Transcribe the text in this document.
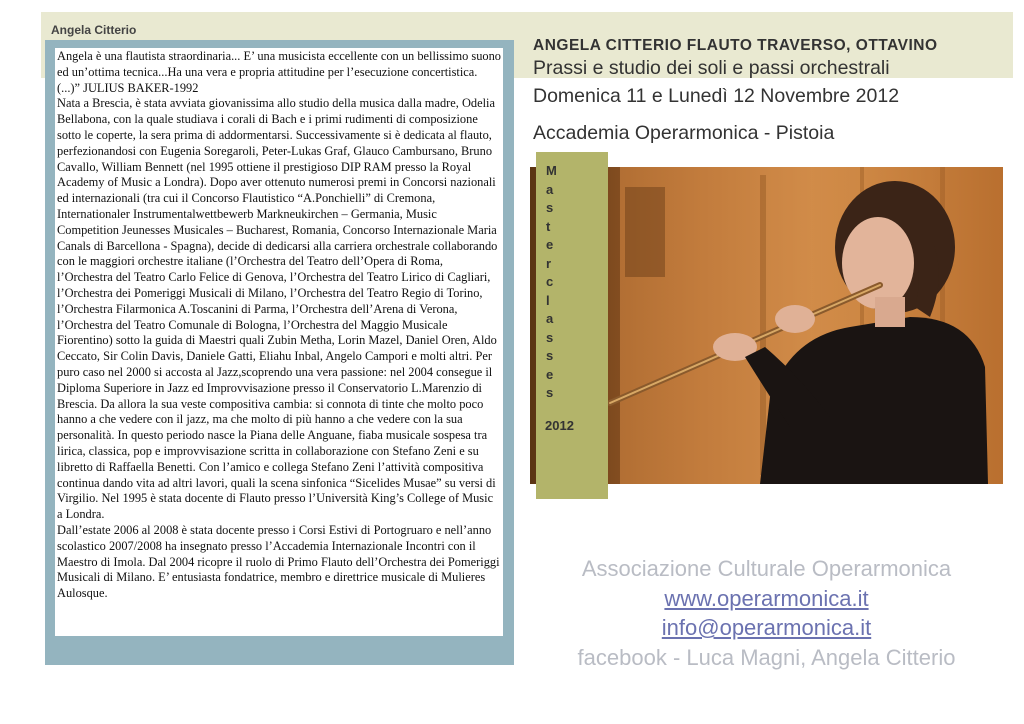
Angela Citterio

Angela è una flautista straordinaria... E’ una musicista eccellente con un bellissimo suono ed un’ottima tecnica...Ha una vera e propria attitudine per l’esecuzione concertistica. (...)” JULIUS BAKER-1992

Nata a Brescia, è stata avviata giovanissima allo studio della musica dalla madre, Odelia Bellabona, con la quale studiava i corali di Bach e i primi rudimenti di composizione sotto le coperte, la sera prima di addormentarsi. Successivamente si è dedicata al flauto, perfezionandosi con Eugenia Soregaroli, Peter-Lukas Graf, Glauco Cambursano, Bruno Cavallo, William Bennett (nel 1995 ottiene il prestigioso DIP RAM presso la Royal Academy of Music a Londra). Dopo aver ottenuto numerosi premi in Concorsi nazionali ed internazionali (tra cui il Concorso Flautistico “A.Ponchielli” di Cremona, Internationaler Instrumentalwettbewerb Markneukirchen – Germania, Music Competition Jeunesses Musicales – Bucharest, Romania, Concorso Internazionale Maria Canals di Barcellona - Spagna), decide di dedicarsi alla carriera orchestrale collaborando con le maggiori orchestre italiane (l’Orchestra del Teatro dell’Opera di Roma, l’Orchestra del Teatro Carlo Felice di Genova, l’Orchestra del Teatro Lirico di Cagliari, l’Orchestra dei Pomeriggi Musicali di Milano, l’Orchestra del Teatro Regio di Torino, l’Orchestra Filarmonica A.Toscanini di Parma, l’Orchestra dell’Arena di Verona, l’Orchestra del Teatro Comunale di Bologna, l’Orchestra del Maggio Musicale Fiorentino) sotto la guida di Maestri quali Zubin Metha, Lorin Mazel, Daniel Oren, Aldo Ceccato, Sir Colin Davis, Daniele Gatti, Eliahu Inbal, Angelo Campori e molti altri. Per puro caso nel 2000 si accosta al Jazz,scoprendo una vera passione: nel 2004 consegue il Diploma Superiore in Jazz ed Improvvisazione presso il Conservatorio L.Marenzio di Brescia. Da allora la sua veste compositiva cambia: si connota di tinte che molto poco hanno a che vedere con il jazz, ma che molto di più hanno a che vedere con la sua personalità. In questo periodo nasce la Piana delle Anguane, fiaba musicale sospesa tra lirica, classica, pop e improvvisazione scritta in collaborazione con Stefano Zeni e su libretto di Raffaella Benetti. Con l’amico e collega Stefano Zeni l’attività compositiva continua dando vita ad altri lavori, quali la scena sinfonica “Sicelides Musae” su versi di Virgilio. Nel 1995 è stata docente di Flauto presso l’Università King’s College of Music a Londra.

Dall’estate 2006 al 2008 è stata docente presso i Corsi Estivi di Portogruaro e nell’anno scolastico 2007/2008 ha insegnato presso l’Accademia Internazionale Incontri con il Maestro di Imola. Dal 2004 ricopre il ruolo di Primo Flauto dell’Orchestra dei Pomeriggi Musicali di Milano. E’ entusiasta fondatrice, membro e direttrice musicale di Mulieres Aulosque.

ANGELA CITTERIO FLAUTO TRAVERSO, OTTAVINO
Prassi e studio dei soli e passi orchestrali
Domenica 11 e Lunedì 12 Novembre 2012
Accademia Operarmonica - Pistoia
M
a
s
t
e
r
c
l
a
s
s
e
s
2012
Associazione Culturale Operarmonica
www.operarmonica.it
info@operarmonica.it
facebook - Luca Magni, Angela Citterio
